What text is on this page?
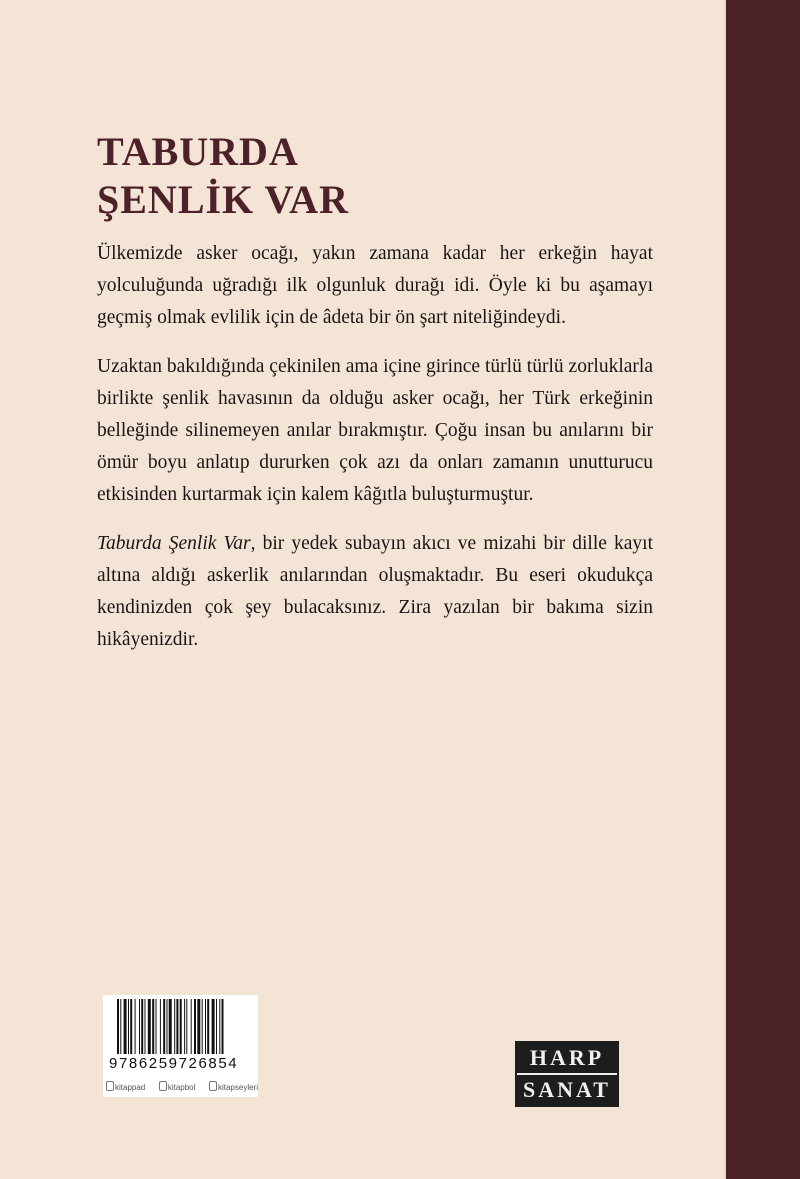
TABURDA
ŞENLİK VAR

Ülkemizde asker ocağı, yakın zamana kadar her erkeğin hayat yolculuğunda uğradığı ilk olgunluk durağı idi. Öyle ki bu aşamayı geçmiş olmak evlilik için de âdeta bir ön şart niteliğindeydi.

Uzaktan bakıldığında çekinilen ama içine girince türlü türlü zorluklarla birlikte şenlik havasının da olduğu asker ocağı, her Türk erkeğinin belleğinde silinemeyen anılar bırakmıştır. Çoğu insan bu anılarını bir ömür boyu anlatıp dururken çok azı da onları zamanın unutturucu etkisinden kurtarmak için kalem kâğıtla buluşturmuştur.

Taburda Şenlik Var, bir yedek subayın akıcı ve mizahi bir dille kayıt altına aldığı askerlik anılarından oluşmaktadır. Bu eseri okudukça kendinizden çok şey bulacaksınız. Zira yazılan bir bakıma sizin hikâyenizdir.

9786259726854
kitappad	kitapbol	kitapseyleri
HARP
SANAT
